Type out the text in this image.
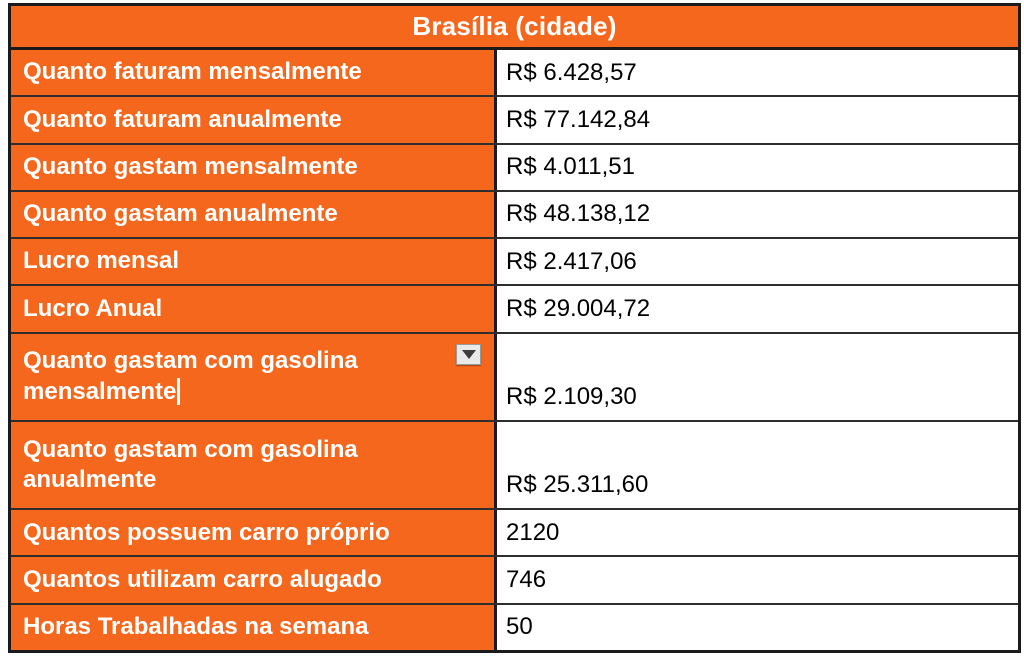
Brasília (cidade)
Quanto faturam mensalmente	R$ 6.428,57
Quanto faturam anualmente	R$ 77.142,84
Quanto gastam mensalmente	R$ 4.011,51
Quanto gastam anualmente	R$ 48.138,12
Lucro mensal	R$ 2.417,06
Lucro Anual	R$ 29.004,72
Quanto gastam com gasolina mensalmente	R$ 2.109,30
Quanto gastam com gasolina anualmente	R$ 25.311,60
Quantos possuem carro próprio	2120
Quantos utilizam carro alugado	746
Horas Trabalhadas na semana	50
